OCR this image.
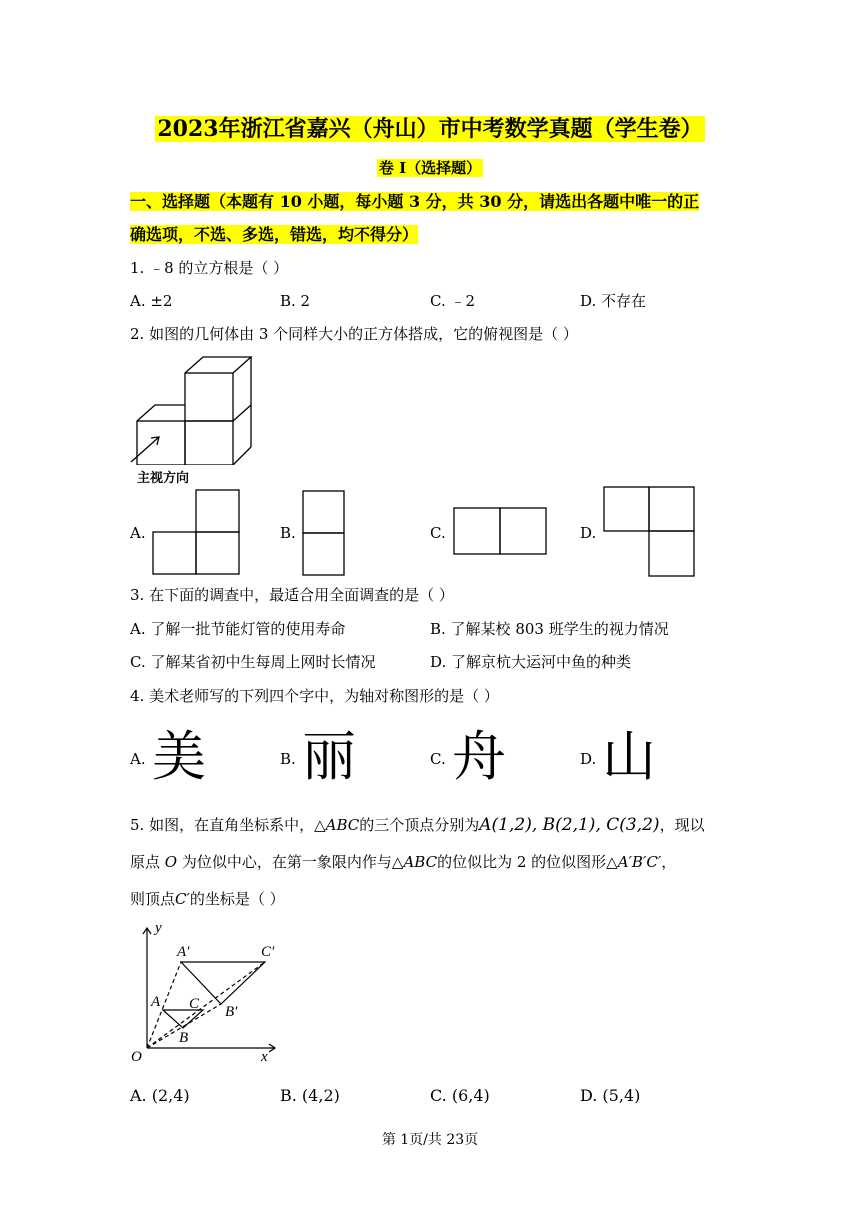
2023年浙江省嘉兴（舟山）市中考数学真题（学生卷）
卷 I（选择题）
一、选择题（本题有 10 小题，每小题 3 分，共 30 分，请选出各题中唯一的正
确选项，不选、多选，错选，均不得分）
1. ﹣8 的立方根是（ ）
A. ±2	B. 2	C. ﹣2	D. 不存在
2. 如图的几何体由 3 个同样大小的正方体搭成，它的俯视图是（ ）
主视方向
A.	B.	C.	D.
3. 在下面的调查中，最适合用全面调查的是（ ）
A. 了解一批节能灯管的使用寿命	B. 了解某校 803 班学生的视力情况
C. 了解某省初中生每周上网时长情况	D. 了解京杭大运河中鱼的种类
4. 美术老师写的下列四个字中，为轴对称图形的是（ ）
A. 美	B. 丽	C. 舟	D. 山
5. 如图，在直角坐标系中，△ABC的三个顶点分别为A(1,2), B(2,1), C(3,2)，现以
原点 O 为位似中心，在第一象限内作与△ABC的位似比为 2 的位似图形△A′B′C′，
则顶点C′的坐标是（ ）
y
x
O
A
B
C
A′
B′
C′
A. (2,4)	B. (4,2)	C. (6,4)	D. (5,4)
第 1页/共 23页
